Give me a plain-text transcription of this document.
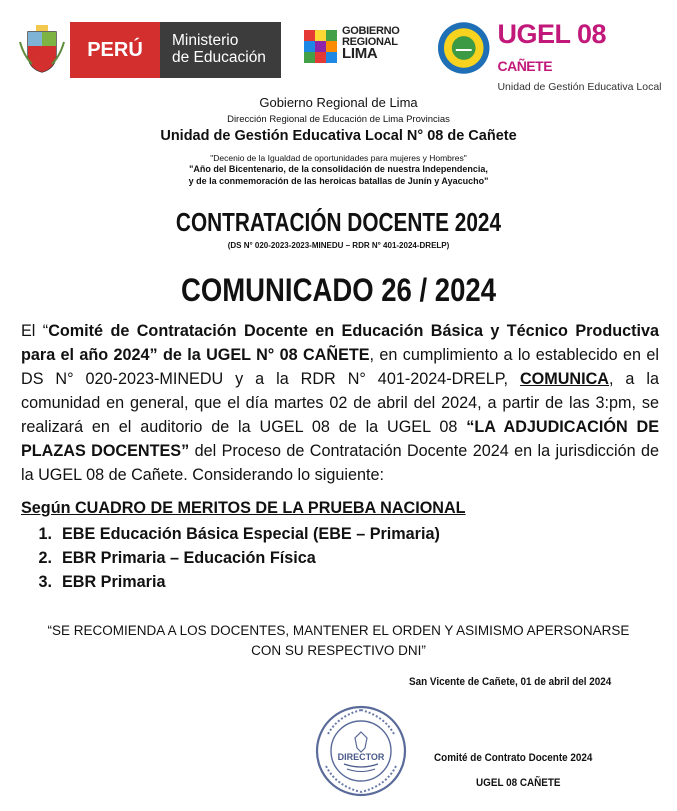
PERÚ	Ministerio
de Educación
GOBIERNO
REGIONAL

LIMA
UGEL 08 CAÑETE
Unidad de Gestión Educativa Local
Gobierno Regional de Lima
Dirección Regional de Educación de Lima Provincias
Unidad de Gestión Educativa Local N° 08 de Cañete
"Decenio de la Igualdad de oportunidades para mujeres y Hombres"
"Año del Bicentenario, de la consolidación de nuestra Independencia,
y de la conmemoración de las heroicas batallas de Junín y Ayacucho"
CONTRATACIÓN DOCENTE 2024
(DS N° 020-2023-2023-MINEDU – RDR N° 401-2024-DRELP)
COMUNICADO 26 / 2024
El “Comité de Contratación Docente en Educación Básica y Técnico Productiva para el año 2024” de la UGEL N° 08 CAÑETE, en cumplimiento a lo establecido en el DS N° 020-2023-MINEDU y a la RDR N° 401-2024-DRELP, COMUNICA, a la comunidad en general, que el día martes 02 de abril del 2024, a partir de las 3:pm, se realizará en el auditorio de la UGEL 08 de la UGEL 08 “LA ADJUDICACIÓN DE PLAZAS DOCENTES” del Proceso de Contratación Docente 2024 en la jurisdicción de la UGEL 08 de Cañete. Considerando lo siguiente:
Según CUADRO DE MERITOS DE LA PRUEBA NACIONAL
1. EBE Educación Básica Especial (EBE – Primaria)
2. EBR Primaria – Educación Física
3. EBR Primaria
“SE RECOMIENDA A LOS DOCENTES, MANTENER EL ORDEN Y ASIMISMO APERSONARSE
CON SU RESPECTIVO DNI”
San Vicente de Cañete, 01 de abril del 2024
DIRECTOR	Comité de Contrato Docente 2024
UGEL 08 CAÑETE
